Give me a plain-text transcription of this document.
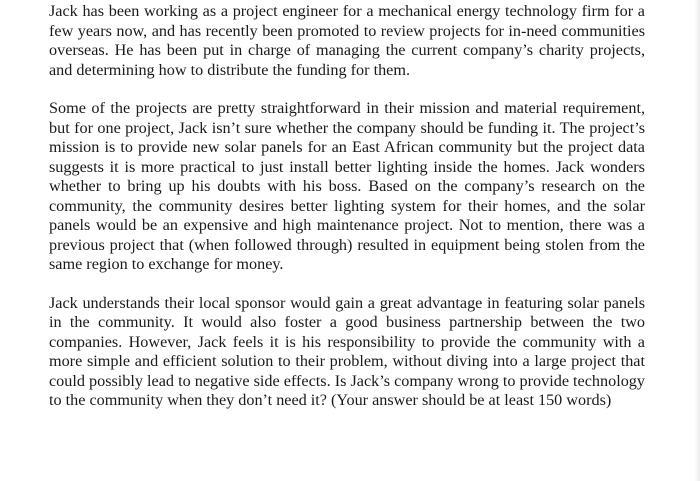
Jack has been working as a project engineer for a mechanical energy technology firm for a few years now, and has recently been promoted to review projects for in-need communities overseas. He has been put in charge of managing the current company’s charity projects, and determining how to distribute the funding for them.

Some of the projects are pretty straightforward in their mission and material requirement, but for one project, Jack isn’t sure whether the company should be funding it. The project’s mission is to provide new solar panels for an East African community but the project data suggests it is more practical to just install better lighting inside the homes. Jack wonders whether to bring up his doubts with his boss. Based on the company’s research on the community, the community desires better lighting system for their homes, and the solar panels would be an expensive and high maintenance project. Not to mention, there was a previous project that (when followed through) resulted in equipment being stolen from the same region to exchange for money.

Jack understands their local sponsor would gain a great advantage in featuring solar panels in the community. It would also foster a good business partnership between the two companies. However, Jack feels it is his responsibility to provide the community with a more simple and efficient solution to their problem, without diving into a large project that could possibly lead to negative side effects. Is Jack’s company wrong to provide technology to the community when they don’t need it? (Your answer should be at least 150 words)
